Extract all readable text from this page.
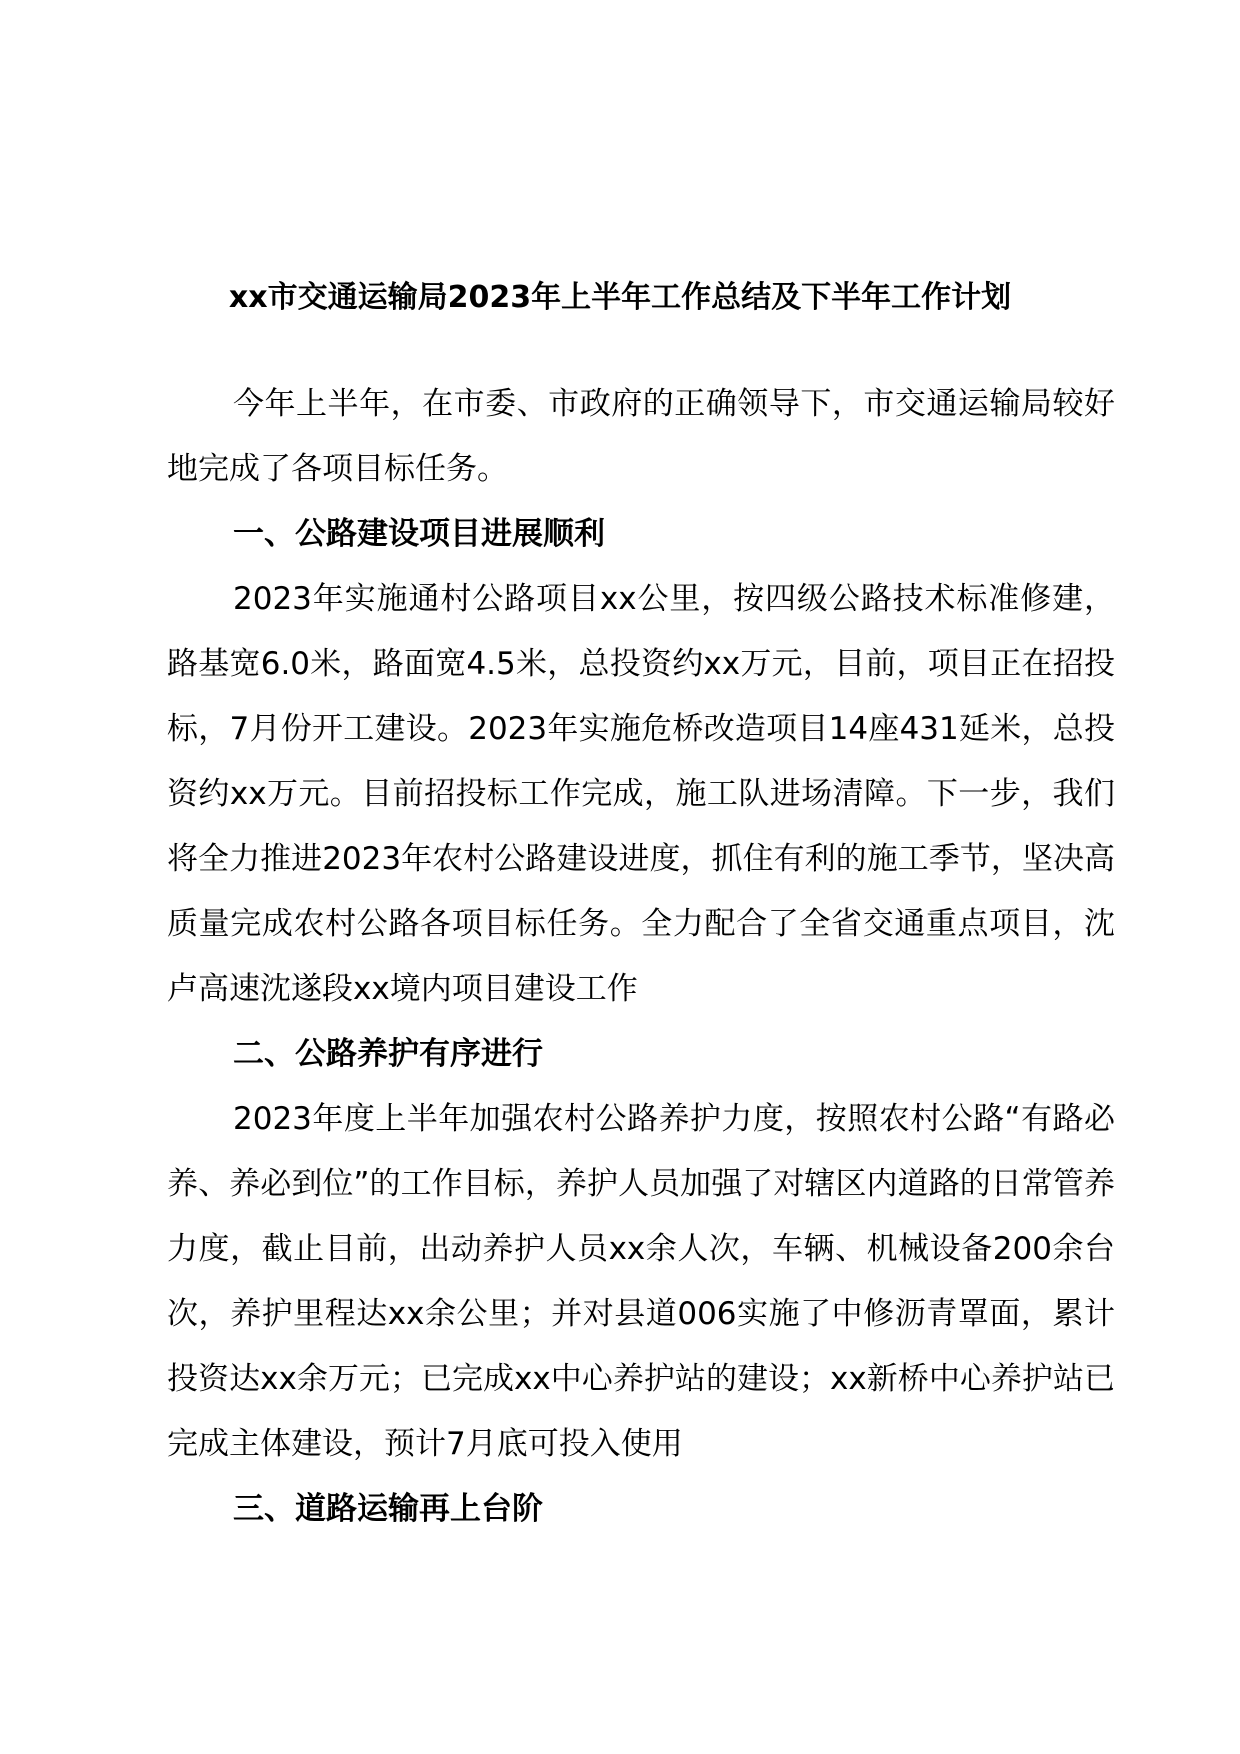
xx市交通运输局2023年上半年工作总结及下半年工作计划

今年上半年，在市委、市政府的正确领导下，市交通运输局较好地完成了各项目标任务。

一、公路建设项目进展顺利

2023年实施通村公路项目xx公里，按四级公路技术标准修建，路基宽6.0米，路面宽4.5米，总投资约xx万元，目前，项目正在招投标，7月份开工建设。2023年实施危桥改造项目14座431延米，总投资约xx万元。目前招投标工作完成，施工队进场清障。下一步，我们将全力推进2023年农村公路建设进度，抓住有利的施工季节，坚决高质量完成农村公路各项目标任务。全力配合了全省交通重点项目，沈卢高速沈遂段xx境内项目建设工作

二、公路养护有序进行

2023年度上半年加强农村公路养护力度，按照农村公路“有路必养、养必到位”的工作目标，养护人员加强了对辖区内道路的日常管养力度，截止目前，出动养护人员xx余人次，车辆、机械设备200余台次，养护里程达xx余公里；并对县道006实施了中修沥青罩面，累计投资达xx余万元；已完成xx中心养护站的建设；xx新桥中心养护站已完成主体建设，预计7月底可投入使用

三、道路运输再上台阶
